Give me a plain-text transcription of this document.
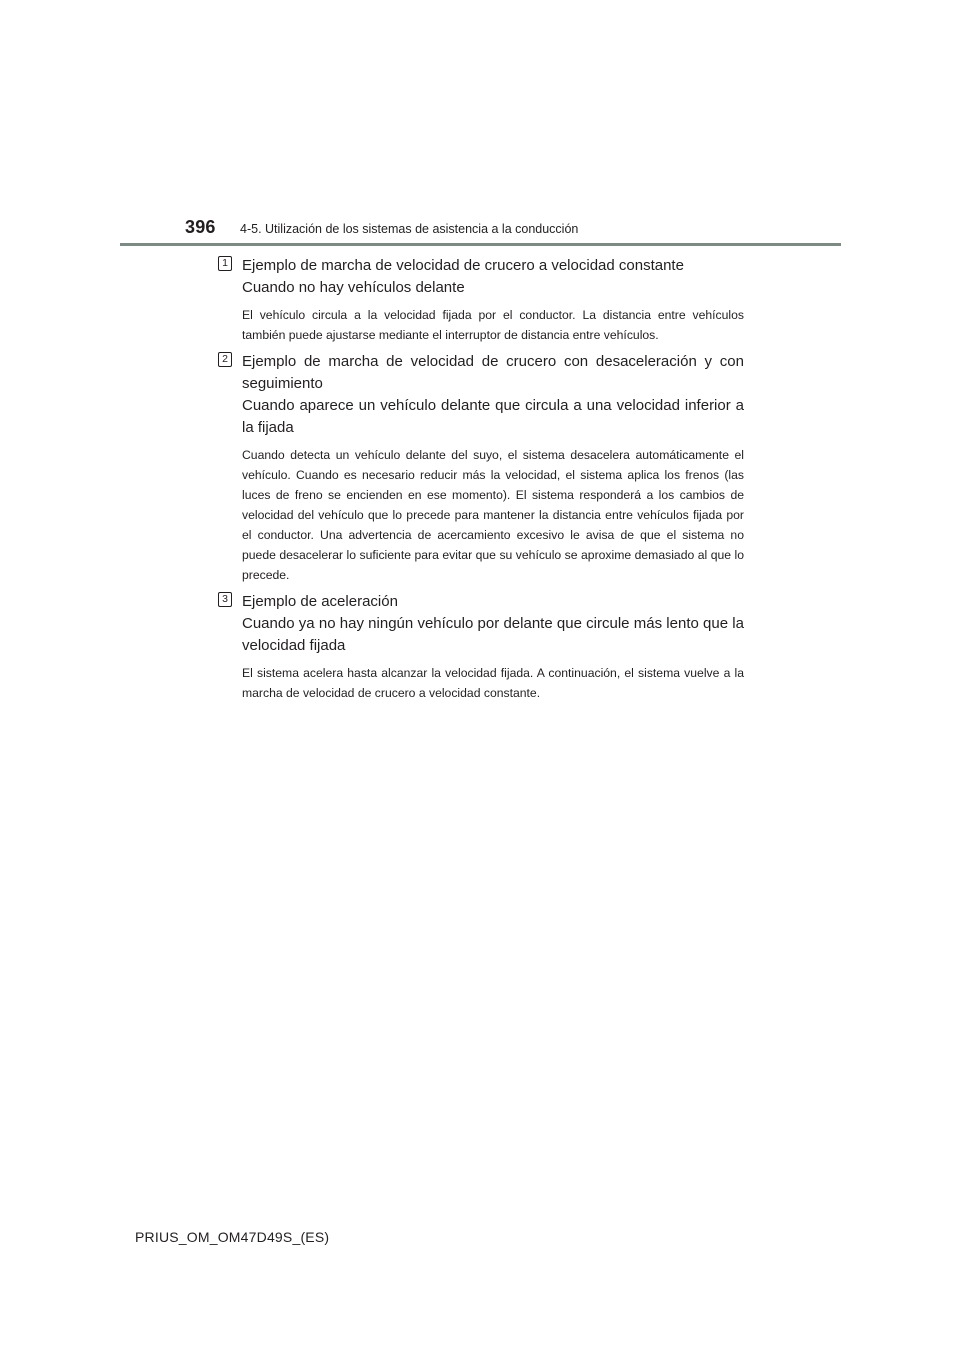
396 4-5. Utilización de los sistemas de asistencia a la conducción
1 Ejemplo de marcha de velocidad de crucero a velocidad constante
Cuando no hay vehículos delante

El vehículo circula a la velocidad fijada por el conductor. La distancia entre vehículos también puede ajustarse mediante el interruptor de distancia entre vehículos.

2 Ejemplo de marcha de velocidad de crucero con desaceleración y con seguimiento
Cuando aparece un vehículo delante que circula a una velocidad inferior a la fijada

Cuando detecta un vehículo delante del suyo, el sistema desacelera automáticamente el vehículo. Cuando es necesario reducir más la velocidad, el sistema aplica los frenos (las luces de freno se encienden en ese momento). El sistema responderá a los cambios de velocidad del vehículo que lo precede para mantener la distancia entre vehículos fijada por el conductor. Una advertencia de acercamiento excesivo le avisa de que el sistema no puede desacelerar lo suficiente para evitar que su vehículo se aproxime demasiado al que lo precede.

3 Ejemplo de aceleración
Cuando ya no hay ningún vehículo por delante que circule más lento que la velocidad fijada

El sistema acelera hasta alcanzar la velocidad fijada. A continuación, el sistema vuelve a la marcha de velocidad de crucero a velocidad constante.

PRIUS_OM_OM47D49S_(ES)
